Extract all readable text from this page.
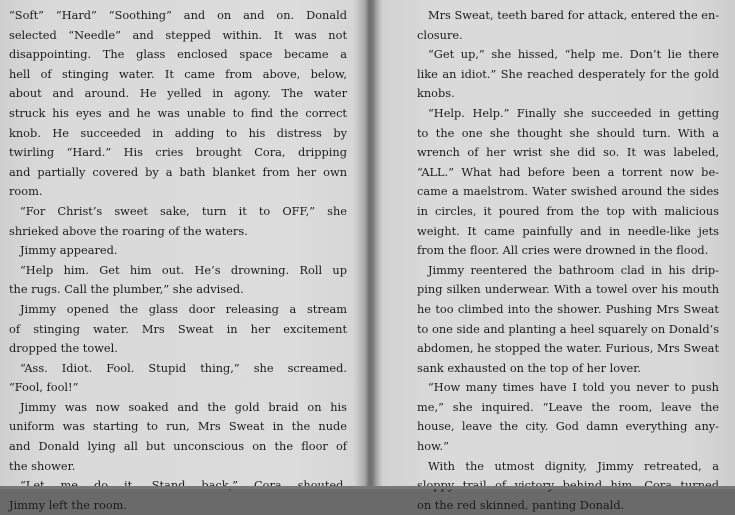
“Soft” “Hard” “Soothing” and on and on. Donald
selected “Needle” and stepped within. It was not
disappointing. The glass enclosed space became a
hell of stinging water. It came from above, below,
about and around. He yelled in agony. The water
struck his eyes and he was unable to find the correct
knob. He succeeded in adding to his distress by
twirling “Hard.” His cries brought Cora, dripping
and partially covered by a bath blanket from her own
room.
“For Christ’s sweet sake, turn it to OFF,” she
shrieked above the roaring of the waters.
Jimmy appeared.
“Help him. Get him out. He’s drowning. Roll up
the rugs. Call the plumber,” she advised.
Jimmy opened the glass door releasing a stream
of stinging water. Mrs Sweat in her excitement
dropped the towel.
“Ass. Idiot. Fool. Stupid thing,” she screamed.
“Fool, fool!”
Jimmy was now soaked and the gold braid on his
uniform was starting to run, Mrs Sweat in the nude
and Donald lying all but unconscious on the floor of
the shower.
Jimmy left the room.
Mrs Sweat, teeth bared for attack, entered the en-
closure.
“Get up,” she hissed, “help me. Don’t lie there
like an idiot.” She reached desperately for the gold
knobs.
“Help. Help.” Finally she succeeded in getting
to the one she thought she should turn. With a
wrench of her wrist she did so. It was labeled,
“ALL.” What had before been a torrent now be-
came a maelstrom. Water swished around the sides
in circles, it poured from the top with malicious
weight. It came painfully and in needle-like jets
from the floor. All cries were drowned in the flood.
Jimmy reentered the bathroom clad in his drip-
ping silken underwear. With a towel over his mouth
he too climbed into the shower. Pushing Mrs Sweat
to one side and planting a heel squarely on Donald’s
abdomen, he stopped the water. Furious, Mrs Sweat
sank exhausted on the top of her lover.
“How many times have I told you never to push
me,” she inquired. “Leave the room, leave the
house, leave the city. God damn everything any-
how.”
With the utmost dignity, Jimmy retreated, a
on the red skinned, panting Donald.
